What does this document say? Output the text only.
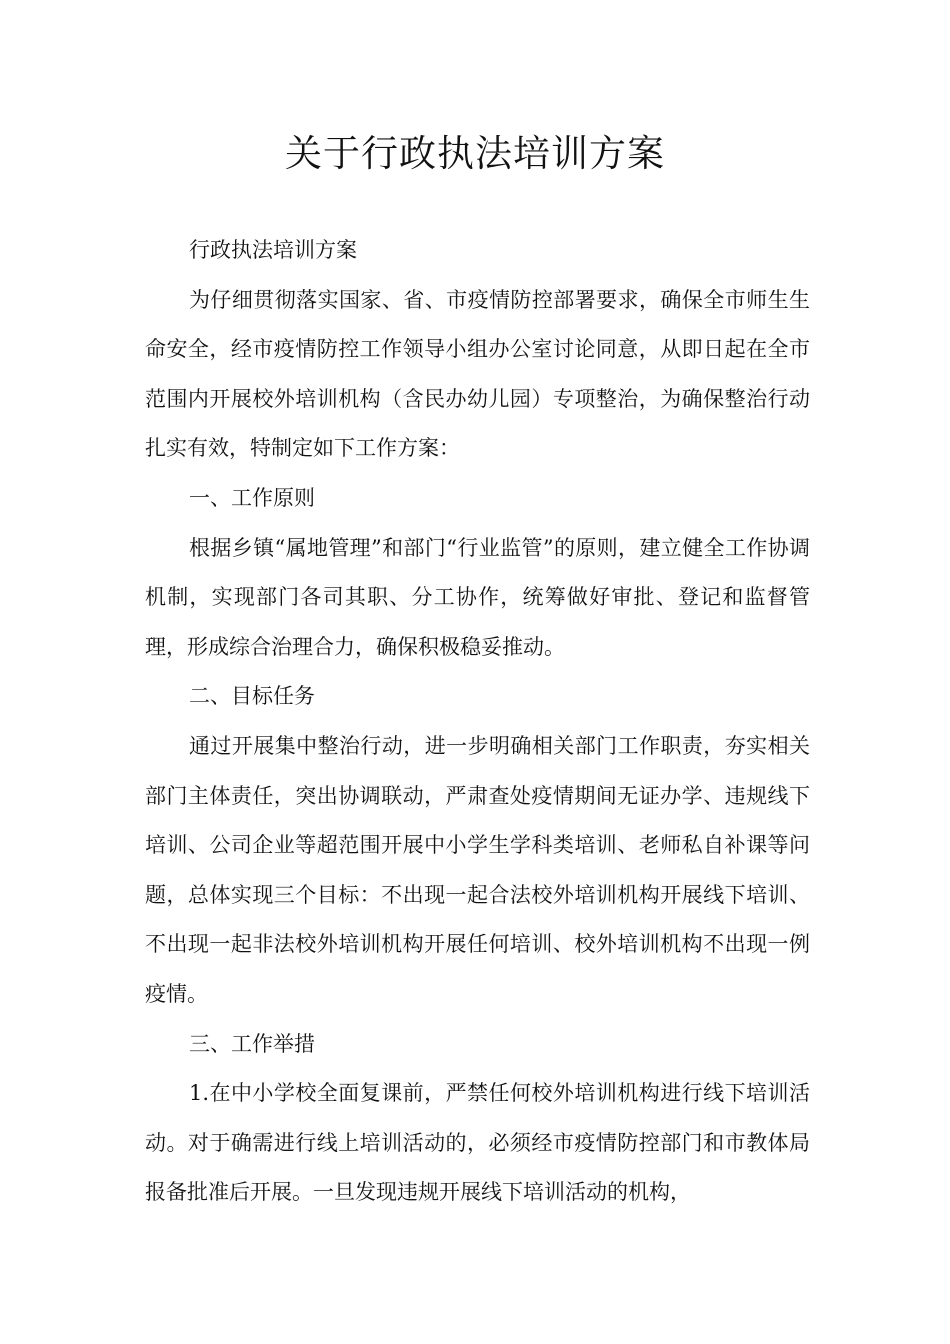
关于行政执法培训方案

行政执法培训方案

为仔细贯彻落实国家、省、市疫情防控部署要求，确保全市师生生命安全，经市疫情防控工作领导小组办公室讨论同意，从即日起在全市范围内开展校外培训机构（含民办幼儿园）专项整治，为确保整治行动扎实有效，特制定如下工作方案：

一、工作原则

根据乡镇“属地管理”和部门“行业监管”的原则，建立健全工作协调机制，实现部门各司其职、分工协作，统筹做好审批、登记和监督管理，形成综合治理合力，确保积极稳妥推动。

二、目标任务

通过开展集中整治行动，进一步明确相关部门工作职责，夯实相关部门主体责任，突出协调联动，严肃查处疫情期间无证办学、违规线下培训、公司企业等超范围开展中小学生学科类培训、老师私自补课等问题，总体实现三个目标：不出现一起合法校外培训机构开展线下培训、不出现一起非法校外培训机构开展任何培训、校外培训机构不出现一例疫情。

三、工作举措

1.在中小学校全面复课前，严禁任何校外培训机构进行线下培训活动。对于确需进行线上培训活动的，必须经市疫情防控部门和市教体局报备批准后开展。一旦发现违规开展线下培训活动的机构，
